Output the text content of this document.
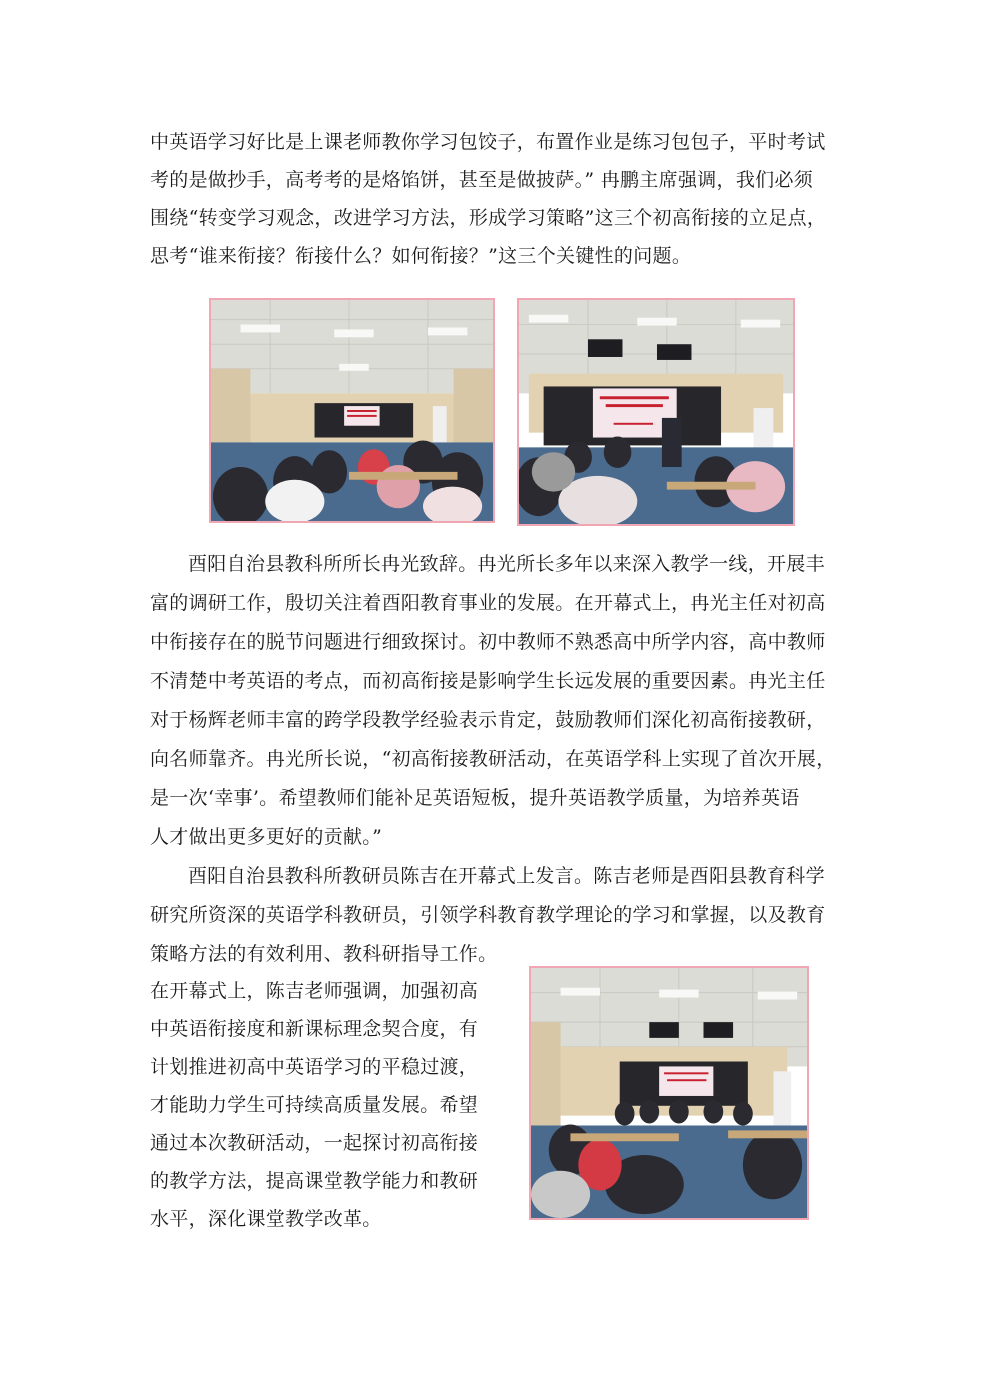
中英语学习好比是上课老师教你学习包饺子，布置作业是练习包包子，平时考试
考的是做抄手，高考考的是烙馅饼，甚至是做披萨。” 冉鹏主席强调，我们必须
围绕“转变学习观念，改进学习方法，形成学习策略”这三个初高衔接的立足点，
思考“谁来衔接？衔接什么？如何衔接？”这三个关键性的问题。
酉阳自治县教科所所长冉光致辞。冉光所长多年以来深入教学一线，开展丰
富的调研工作，殷切关注着酉阳教育事业的发展。在开幕式上，冉光主任对初高
中衔接存在的脱节问题进行细致探讨。初中教师不熟悉高中所学内容，高中教师
不清楚中考英语的考点，而初高衔接是影响学生长远发展的重要因素。冉光主任
对于杨辉老师丰富的跨学段教学经验表示肯定，鼓励教师们深化初高衔接教研，
向名师靠齐。冉光所长说，“初高衔接教研活动，在英语学科上实现了首次开展，
是一次‘幸事’。希望教师们能补足英语短板，提升英语教学质量，为培养英语
人才做出更多更好的贡献。”
酉阳自治县教科所教研员陈吉在开幕式上发言。陈吉老师是酉阳县教育科学
研究所资深的英语学科教研员，引领学科教育教学理论的学习和掌握，以及教育
策略方法的有效利用、教科研指导工作。
在开幕式上，陈吉老师强调，加强初高
中英语衔接度和新课标理念契合度，有
计划推进初高中英语学习的平稳过渡，
才能助力学生可持续高质量发展。希望
通过本次教研活动，一起探讨初高衔接
的教学方法，提高课堂教学能力和教研
水平，深化课堂教学改革。
